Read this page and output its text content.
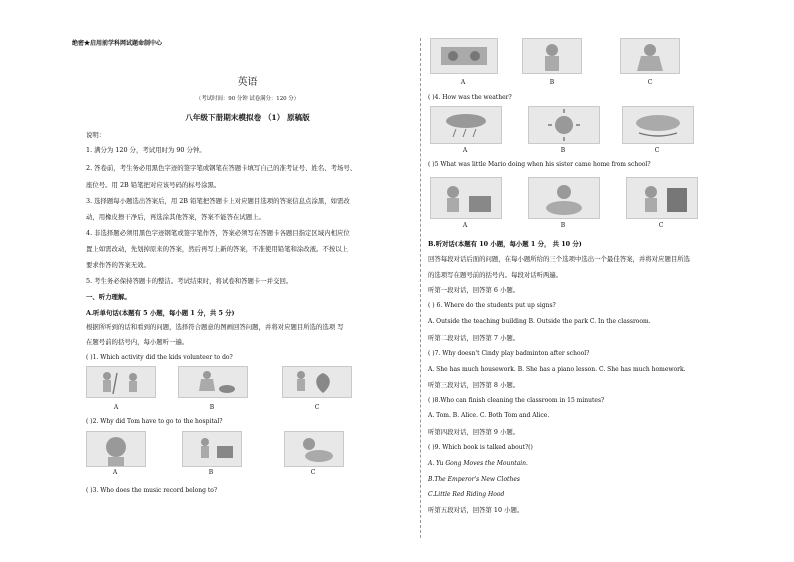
绝密★启用前学科网试题命制中心
英语
（考试时间：90 分钟 试卷满分：120 分）
八年级下册期末模拟卷 （1） 原稿版
说明：
1. 满分为 120 分，考试用时为 90 分钟。
2. 答卷前，考生务必用黑色字迹的签字笔或钢笔在答题卡填写自己的准考证号、姓名、考场号、
座位号。用 2B 铅笔把对应该号码的标号涂黑。
3. 选择题每小题选出答案后，用 2B 铅笔把答题卡上对应题目选项的答案信息点涂黑，如需改
动，用橡皮擦干净后，再选涂其他答案，答案不能答在试题上。
4. 非选择题必须用黑色字迹钢笔或签字笔作答，答案必须写在答题卡各题目指定区域内相应位
置上如需改动，先划掉原来的答案，然后再写上新的答案，不准使用铅笔和涂改液。不按以上
要求作答的答案无效。
5. 考生务必保持答题卡的整洁。考试结束时，将试卷和答题卡一并交回。
一、听力理解。
A.听单句话(本题有 5 小题，每小题 1 分，共 5 分)
根据所听到的话和看到的问题，选择符合题意的图画回答问题，并将对应题目所选的选项 写
在题号前的括号内，每小题听一遍。
( )1. Which activity did the kids volunteer to do?
A	B	C
( )2. Why did Tom have to go to the hospital?
A	B	C
( )3. Who does the music record belong to?
A	B	C
( )4. How was the weather?
A	B	C
( )5 What was little Mario doing when his sister came home from school?
A	B	C
B.听对话(本题有 10 小题，每小题 1 分， 共 10 分)
回答每段对话后面的问题，在每小题所给的三个选项中选出一个最佳答案，并将对应题目所选
的选项写在题号前的括号内。每段对话听两遍。
听第一段对话，回答第 6 小题。
( ) 6. Where do the students put up signs?
A. Outside the teaching building B. Outside the park C. In the classroom.
听第二段对话，回答第 7 小题。
( )7. Why doesn't Cindy play badminton after school?
A. She has much housework. B. She has a piano lesson. C. She has much homework.
听第三段对话，回答第 8 小题。
( )8.Who can finish cleaning the classroom in 15 minutes?
A. Tom. B. Alice. C. Both Tom and Alice.
听第四段对话，回答第 9 小题。
( )9. Which book is talked about?()
A. Yu Gong Moves the Mountain.
B.The Emperor's New Clothes
C.Little Red Riding Hood
听第五段对话，回答第 10 小题。
